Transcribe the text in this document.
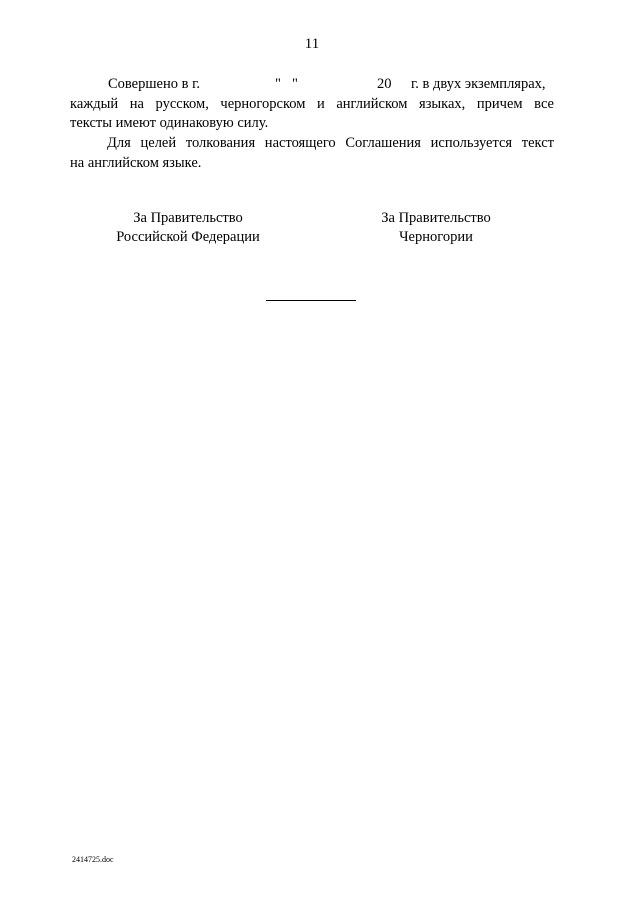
11
Совершено в г.	" "	20 г. в двух экземплярах,
каждый на русском, черногорском и английском языках, причем все
тексты имеют одинаковую силу.
Для целей толкования настоящего Соглашения используется текст
на английском языке.
За Правительство
Российской Федерации
За Правительство
Черногории
2414725.doc
